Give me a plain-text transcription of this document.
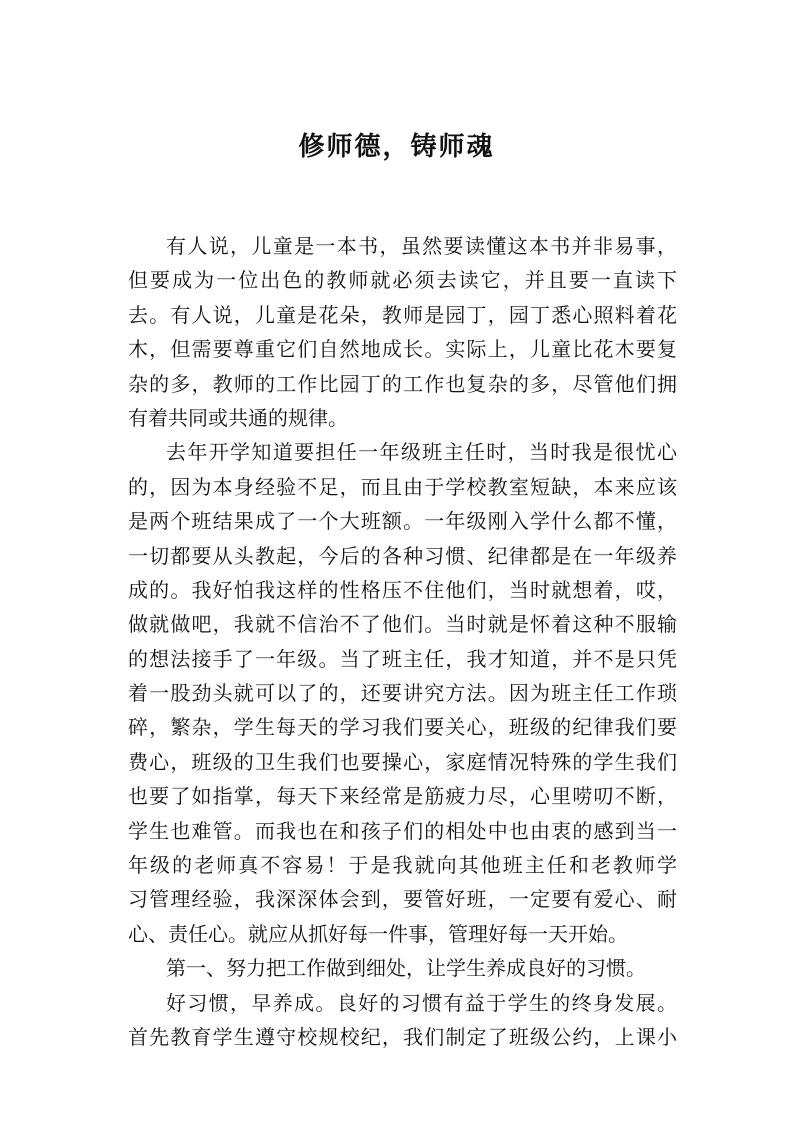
修师德，铸师魂
有人说，儿童是一本书，虽然要读懂这本书并非易事，
但要成为一位出色的教师就必须去读它，并且要一直读下
去。有人说，儿童是花朵，教师是园丁，园丁悉心照料着花
木，但需要尊重它们自然地成长。实际上，儿童比花木要复
杂的多，教师的工作比园丁的工作也复杂的多，尽管他们拥
有着共同或共通的规律。
去年开学知道要担任一年级班主任时，当时我是很忧心
的，因为本身经验不足，而且由于学校教室短缺，本来应该
是两个班结果成了一个大班额。一年级刚入学什么都不懂，
一切都要从头教起，今后的各种习惯、纪律都是在一年级养
成的。我好怕我这样的性格压不住他们，当时就想着，哎，
做就做吧，我就不信治不了他们。当时就是怀着这种不服输
的想法接手了一年级。当了班主任，我才知道，并不是只凭
着一股劲头就可以了的，还要讲究方法。因为班主任工作琐
碎，繁杂，学生每天的学习我们要关心，班级的纪律我们要
费心，班级的卫生我们也要操心，家庭情况特殊的学生我们
也要了如指掌，每天下来经常是筋疲力尽，心里唠叨不断，
学生也难管。而我也在和孩子们的相处中也由衷的感到当一
年级的老师真不容易！于是我就向其他班主任和老教师学
习管理经验，我深深体会到，要管好班，一定要有爱心、耐
心、责任心。就应从抓好每一件事，管理好每一天开始。
第一、努力把工作做到细处，让学生养成良好的习惯。
好习惯，早养成。良好的习惯有益于学生的终身发展。
首先教育学生遵守校规校纪，我们制定了班级公约，上课小
